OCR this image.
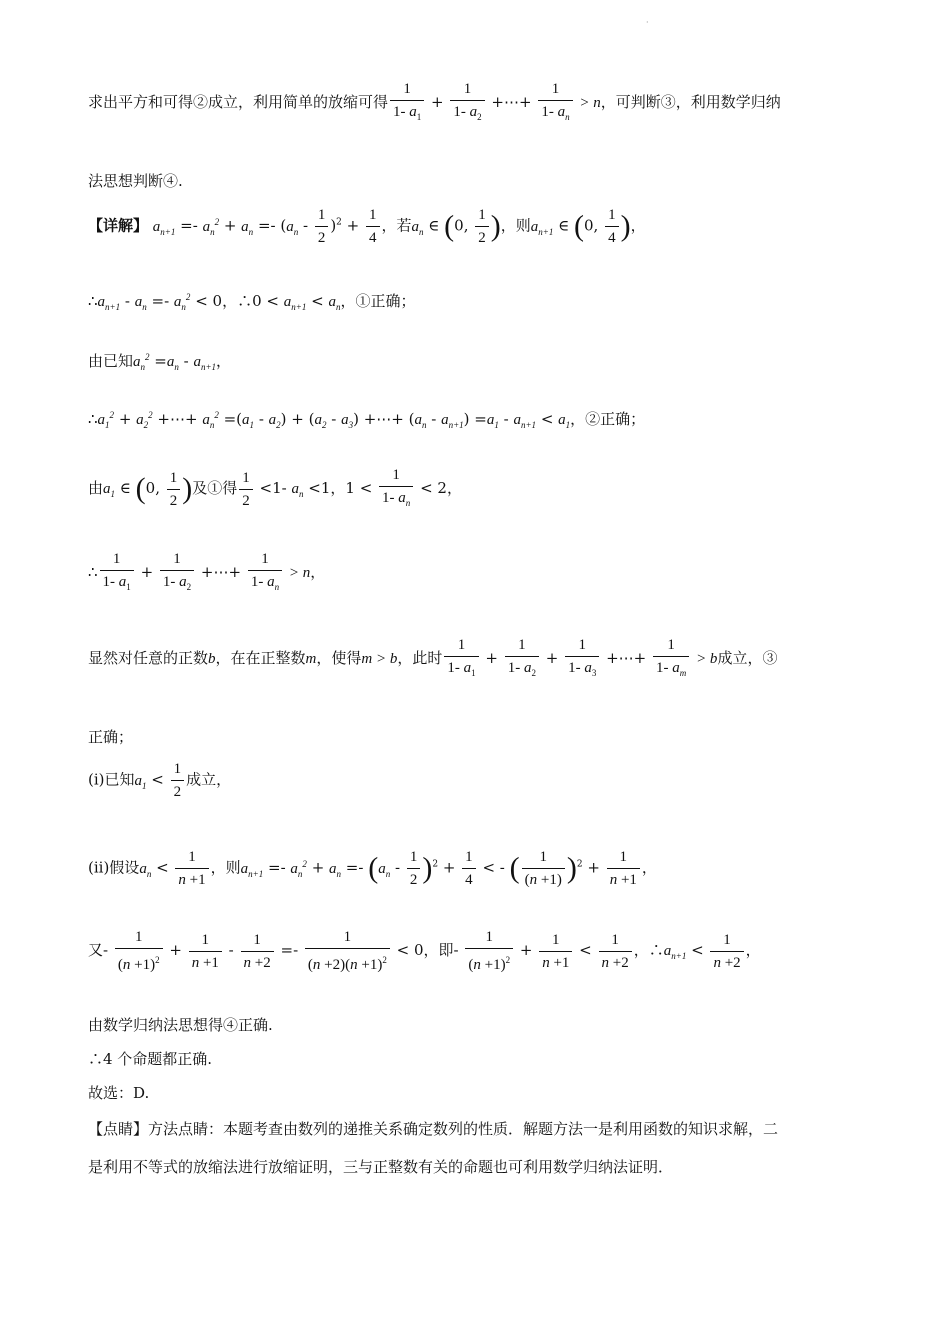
·
求出平方和可得②成立，利用简单的放缩可得 $\frac{1}{1- a_1} + \frac{1}{1- a_2}$ +⋯+ $\frac{1}{1- a_n} > n$，可判断③，利用数学归纳
法思想判断④.
【详解】 $a_{n+1} =- a_n^2 + a_n =- (a_n - \frac{1}{2} )^2 + \frac{1}{4}$ ，若$a_n$ ∈ (0, $\frac{1}{2}$ )，则$a_{n+1}$ ∈ (0, $\frac{1}{4}$ )，
$\therefore a_{n+1} - a_n =- a_n^2 < 0$，∴0 < $a_{n+1} < a_n$，①正确；
由已知$a_n^2 =a_n - a_{n+1}$，
$\therefore a_1^2 + a_2^2$ +⋯+ $a_n^2 =(a_1 - a_2) + (a_2 - a_3)$ +⋯+ $(a_n - a_{n+1}) =a_1 - a_{n+1} < a_1$，②正确；
由$a_1$ ∈ (0, $\frac{1}{2}$ )及①得 $\frac{1}{2} <1-$ $a_n <1$，$1 < \frac{1}{1- a_n} < 2$，
∴ $\frac{1}{1- a_1} + \frac{1}{1- a_2}$ +⋯+ $\frac{1}{1- a_n} > n$，
显然对任意的正数b，在在正整数m，使得m > b，此时 $\frac{1}{1- a_1} + \frac{1}{1- a_2} + \frac{1}{1- a_3}$ +⋯+ $\frac{1}{1- a_m} > b$成立，③
正确；
(i)已知$a_1 < \frac{1}{2}$ 成立，
(ii)假设$a_n < \frac{1}{n +1}$ ，则$a_{n+1} =- a_n^2 + a_n =- (a_n - \frac{1}{2} )^2 + \frac{1}{4}$ < - ( $\frac{1}{(n +1)} )^2 + \frac{1}{n +1}$ ，
又- $\frac{1}{(n +1)^2} + \frac{1}{n +1} - \frac{1}{n +2} =- \frac{1}{(n +2)(n +1)^2} < 0$，即- $\frac{1}{(n +1)^2} + \frac{1}{n +1} < \frac{1}{n +2}$ ，$\therefore a_{n+1} < \frac{1}{n +2}$ ，
由数学归纳法思想得④正确.
∴4 个命题都正确.
故选：D.
【点睛】方法点睛：本题考查由数列的递推关系确定数列的性质．解题方法一是利用函数的知识求解，二
是利用不等式的放缩法进行放缩证明，三与正整数有关的命题也可利用数学归纳法证明．
